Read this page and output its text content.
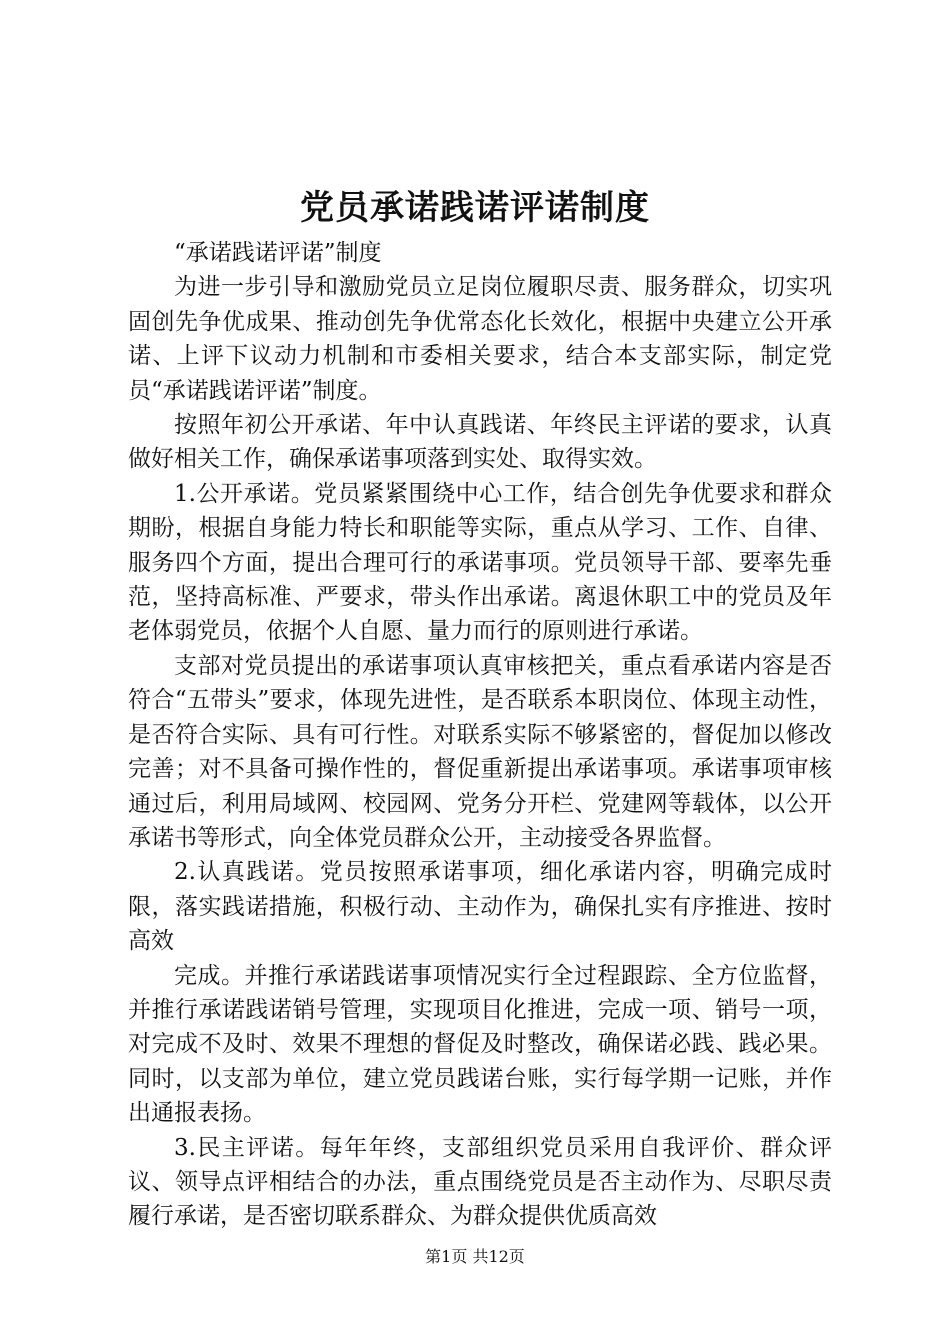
党员承诺践诺评诺制度

“承诺践诺评诺”制度

为进一步引导和激励党员立足岗位履职尽责、服务群众，切实巩固创先争优成果、推动创先争优常态化长效化，根据中央建立公开承诺、上评下议动力机制和市委相关要求，结合本支部实际，制定党员“承诺践诺评诺”制度。

按照年初公开承诺、年中认真践诺、年终民主评诺的要求，认真做好相关工作，确保承诺事项落到实处、取得实效。

1.公开承诺。党员紧紧围绕中心工作，结合创先争优要求和群众期盼，根据自身能力特长和职能等实际，重点从学习、工作、自律、服务四个方面，提出合理可行的承诺事项。党员领导干部、要率先垂范，坚持高标准、严要求，带头作出承诺。离退休职工中的党员及年老体弱党员，依据个人自愿、量力而行的原则进行承诺。

支部对党员提出的承诺事项认真审核把关，重点看承诺内容是否符合“五带头”要求，体现先进性，是否联系本职岗位、体现主动性，是否符合实际、具有可行性。对联系实际不够紧密的，督促加以修改完善；对不具备可操作性的，督促重新提出承诺事项。承诺事项审核通过后，利用局域网、校园网、党务分开栏、党建网等载体，以公开承诺书等形式，向全体党员群众公开，主动接受各界监督。

2.认真践诺。党员按照承诺事项，细化承诺内容，明确完成时限，落实践诺措施，积极行动、主动作为，确保扎实有序推进、按时高效

完成。并推行承诺践诺事项情况实行全过程跟踪、全方位监督，并推行承诺践诺销号管理，实现项目化推进，完成一项、销号一项，对完成不及时、效果不理想的督促及时整改，确保诺必践、践必果。同时，以支部为单位，建立党员践诺台账，实行每学期一记账，并作出通报表扬。

3.民主评诺。每年年终，支部组织党员采用自我评价、群众评议、领导点评相结合的办法，重点围绕党员是否主动作为、尽职尽责履行承诺，是否密切联系群众、为群众提供优质高效

第1页 共12页
